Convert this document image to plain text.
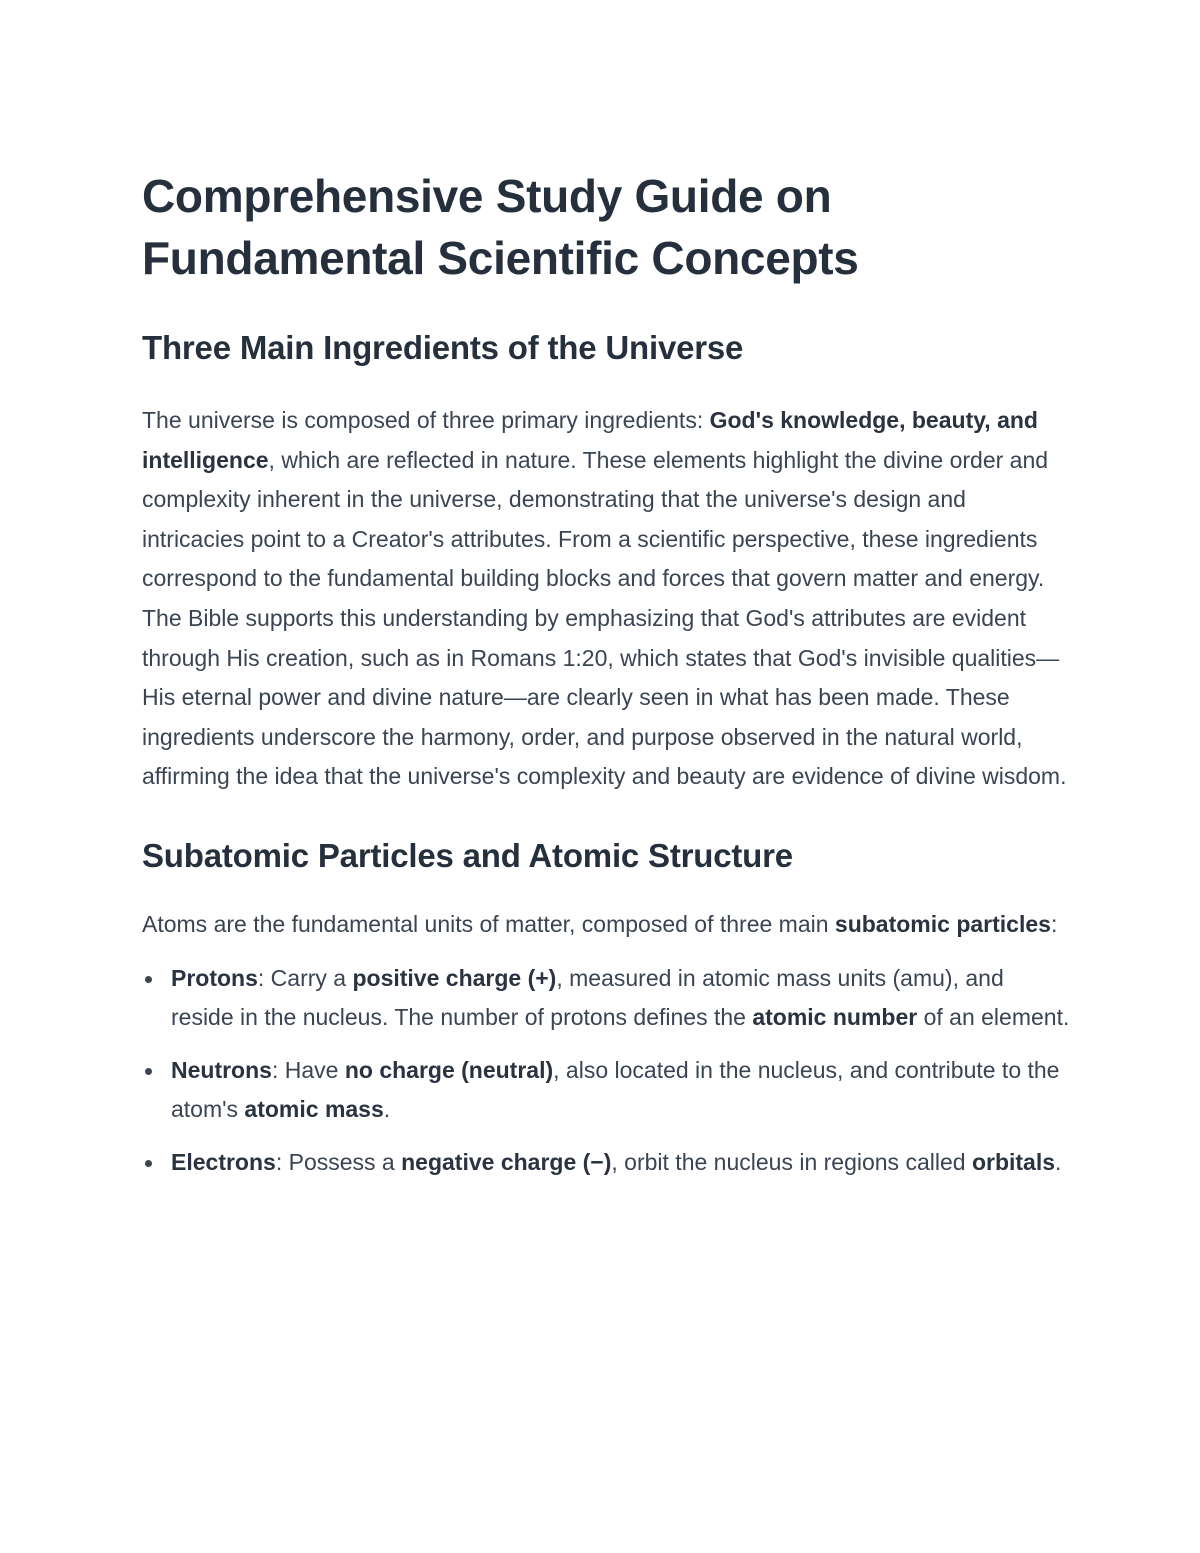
Comprehensive Study Guide on Fundamental Scientific Concepts
Three Main Ingredients of the Universe

The universe is composed of three primary ingredients: God's knowledge, beauty, and intelligence, which are reflected in nature. These elements highlight the divine order and complexity inherent in the universe, demonstrating that the universe's design and intricacies point to a Creator's attributes. From a scientific perspective, these ingredients correspond to the fundamental building blocks and forces that govern matter and energy. The Bible supports this understanding by emphasizing that God's attributes are evident through His creation, such as in Romans 1:20, which states that God's invisible qualities—His eternal power and divine nature—are clearly seen in what has been made. These ingredients underscore the harmony, order, and purpose observed in the natural world, affirming the idea that the universe's complexity and beauty are evidence of divine wisdom.

Subatomic Particles and Atomic Structure

Atoms are the fundamental units of matter, composed of three main subatomic particles:

Protons: Carry a positive charge (+), measured in atomic mass units (amu), and reside in the nucleus. The number of protons defines the atomic number of an element.
Neutrons: Have no charge (neutral), also located in the nucleus, and contribute to the atom's atomic mass.
Electrons: Possess a negative charge (−), orbit the nucleus in regions called orbitals.
